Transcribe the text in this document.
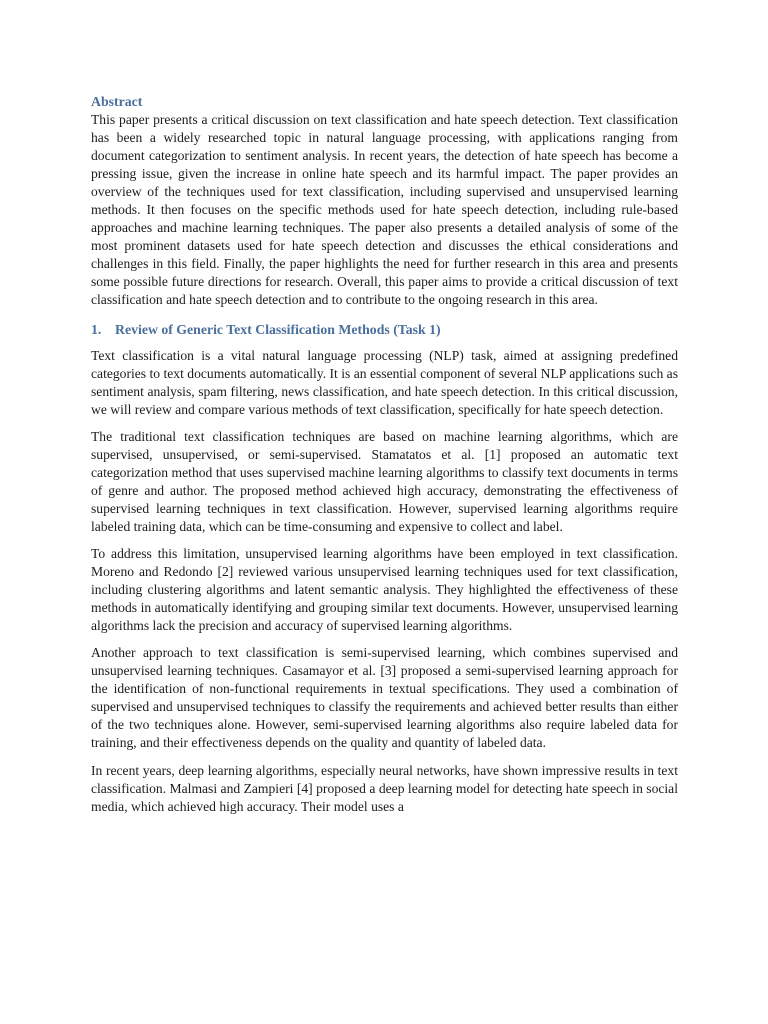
Abstract

This paper presents a critical discussion on text classification and hate speech detection. Text classification has been a widely researched topic in natural language processing, with applications ranging from document categorization to sentiment analysis. In recent years, the detection of hate speech has become a pressing issue, given the increase in online hate speech and its harmful impact. The paper provides an overview of the techniques used for text classification, including supervised and unsupervised learning methods. It then focuses on the specific methods used for hate speech detection, including rule-based approaches and machine learning techniques. The paper also presents a detailed analysis of some of the most prominent datasets used for hate speech detection and discusses the ethical considerations and challenges in this field. Finally, the paper highlights the need for further research in this area and presents some possible future directions for research. Overall, this paper aims to provide a critical discussion of text classification and hate speech detection and to contribute to the ongoing research in this area.

1. Review of Generic Text Classification Methods (Task 1)

Text classification is a vital natural language processing (NLP) task, aimed at assigning predefined categories to text documents automatically. It is an essential component of several NLP applications such as sentiment analysis, spam filtering, news classification, and hate speech detection. In this critical discussion, we will review and compare various methods of text classification, specifically for hate speech detection.

The traditional text classification techniques are based on machine learning algorithms, which are supervised, unsupervised, or semi-supervised. Stamatatos et al. [1] proposed an automatic text categorization method that uses supervised machine learning algorithms to classify text documents in terms of genre and author. The proposed method achieved high accuracy, demonstrating the effectiveness of supervised learning techniques in text classification. However, supervised learning algorithms require labeled training data, which can be time-consuming and expensive to collect and label.

To address this limitation, unsupervised learning algorithms have been employed in text classification. Moreno and Redondo [2] reviewed various unsupervised learning techniques used for text classification, including clustering algorithms and latent semantic analysis. They highlighted the effectiveness of these methods in automatically identifying and grouping similar text documents. However, unsupervised learning algorithms lack the precision and accuracy of supervised learning algorithms.

Another approach to text classification is semi-supervised learning, which combines supervised and unsupervised learning techniques. Casamayor et al. [3] proposed a semi-supervised learning approach for the identification of non-functional requirements in textual specifications. They used a combination of supervised and unsupervised techniques to classify the requirements and achieved better results than either of the two techniques alone. However, semi-supervised learning algorithms also require labeled data for training, and their effectiveness depends on the quality and quantity of labeled data.

In recent years, deep learning algorithms, especially neural networks, have shown impressive results in text classification. Malmasi and Zampieri [4] proposed a deep learning model for detecting hate speech in social media, which achieved high accuracy. Their model uses a
